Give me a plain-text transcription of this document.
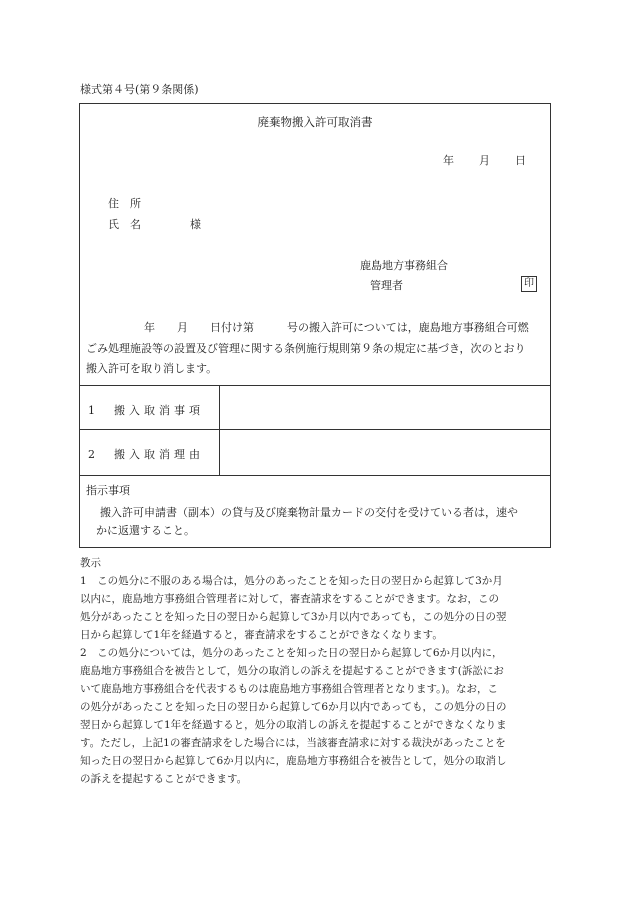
様式第４号(第９条関係)
廃棄物搬入許可取消書
年 月 日
住　所
氏　名	様
鹿島地方事務組合
管理者	印
年　　月　　日付け第　　　号の搬入許可については，鹿島地方事務組合可燃
ごみ処理施設等の設置及び管理に関する条例施行規則第９条の規定に基づき，次のとおり
搬入許可を取り消します。
1　搬入取消事項
2　搬入取消理由
指示事項
搬入許可申請書（副本）の貸与及び廃棄物計量カードの交付を受けている者は，速や
かに返還すること。
教示
1　この処分に不服のある場合は，処分のあったことを知った日の翌日から起算して3か月
以内に，鹿島地方事務組合管理者に対して，審査請求をすることができます。なお，この
処分があったことを知った日の翌日から起算して3か月以内であっても，この処分の日の翌
日から起算して1年を経過すると，審査請求をすることができなくなります。
2　この処分については，処分のあったことを知った日の翌日から起算して6か月以内に，
鹿島地方事務組合を被告として，処分の取消しの訴えを提起することができます(訴訟にお
いて鹿島地方事務組合を代表するものは鹿島地方事務組合管理者となります。)。なお，こ
の処分があったことを知った日の翌日から起算して6か月以内であっても，この処分の日の
翌日から起算して1年を経過すると，処分の取消しの訴えを提起することができなくなりま
す。ただし，上記1の審査請求をした場合には，当該審査請求に対する裁決があったことを
知った日の翌日から起算して6か月以内に，鹿島地方事務組合を被告として，処分の取消し
の訴えを提起することができます。
